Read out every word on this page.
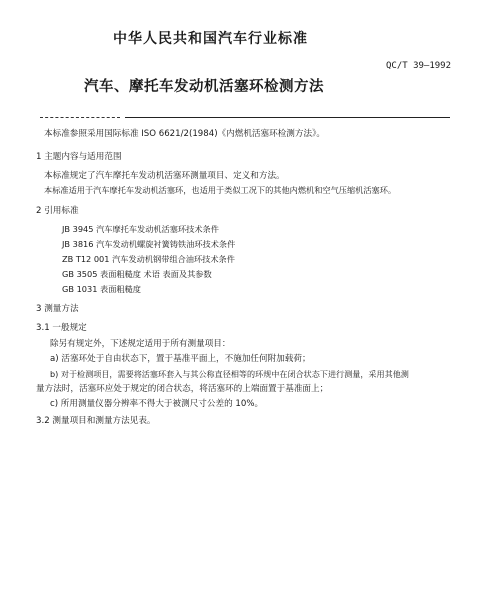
中华人民共和国汽车行业标准
QC/T 39—1992
汽车、摩托车发动机活塞环检测方法
本标准参照采用国际标准 ISO 6621/2(1984)《内燃机活塞环检测方法》。
1 主题内容与适用范围
本标准规定了汽车摩托车发动机活塞环测量项目、定义和方法。
本标准适用于汽车摩托车发动机活塞环，也适用于类似工况下的其他内燃机和空气压缩机活塞环。
2 引用标准
JB 3945 汽车摩托车发动机活塞环技术条件
JB 3816 汽车发动机螺旋衬簧铸铁油环技术条件
ZB T12 001 汽车发动机钢带组合油环技术条件
GB 3505 表面粗糙度 术语 表面及其参数
GB 1031 表面粗糙度
3 测量方法
3.1 一般规定
除另有规定外，下述规定适用于所有测量项目：
a) 活塞环处于自由状态下，置于基准平面上，不施加任何附加载荷；
b) 对于检测项目，需要将活塞环套入与其公称直径相等的环规中在闭合状态下进行测量，采用其他测
量方法时，活塞环应处于规定的闭合状态，将活塞环的上端面置于基准面上；
c) 所用测量仪器分辨率不得大于被测尺寸公差的 10%。
3.2 测量项目和测量方法见表。
